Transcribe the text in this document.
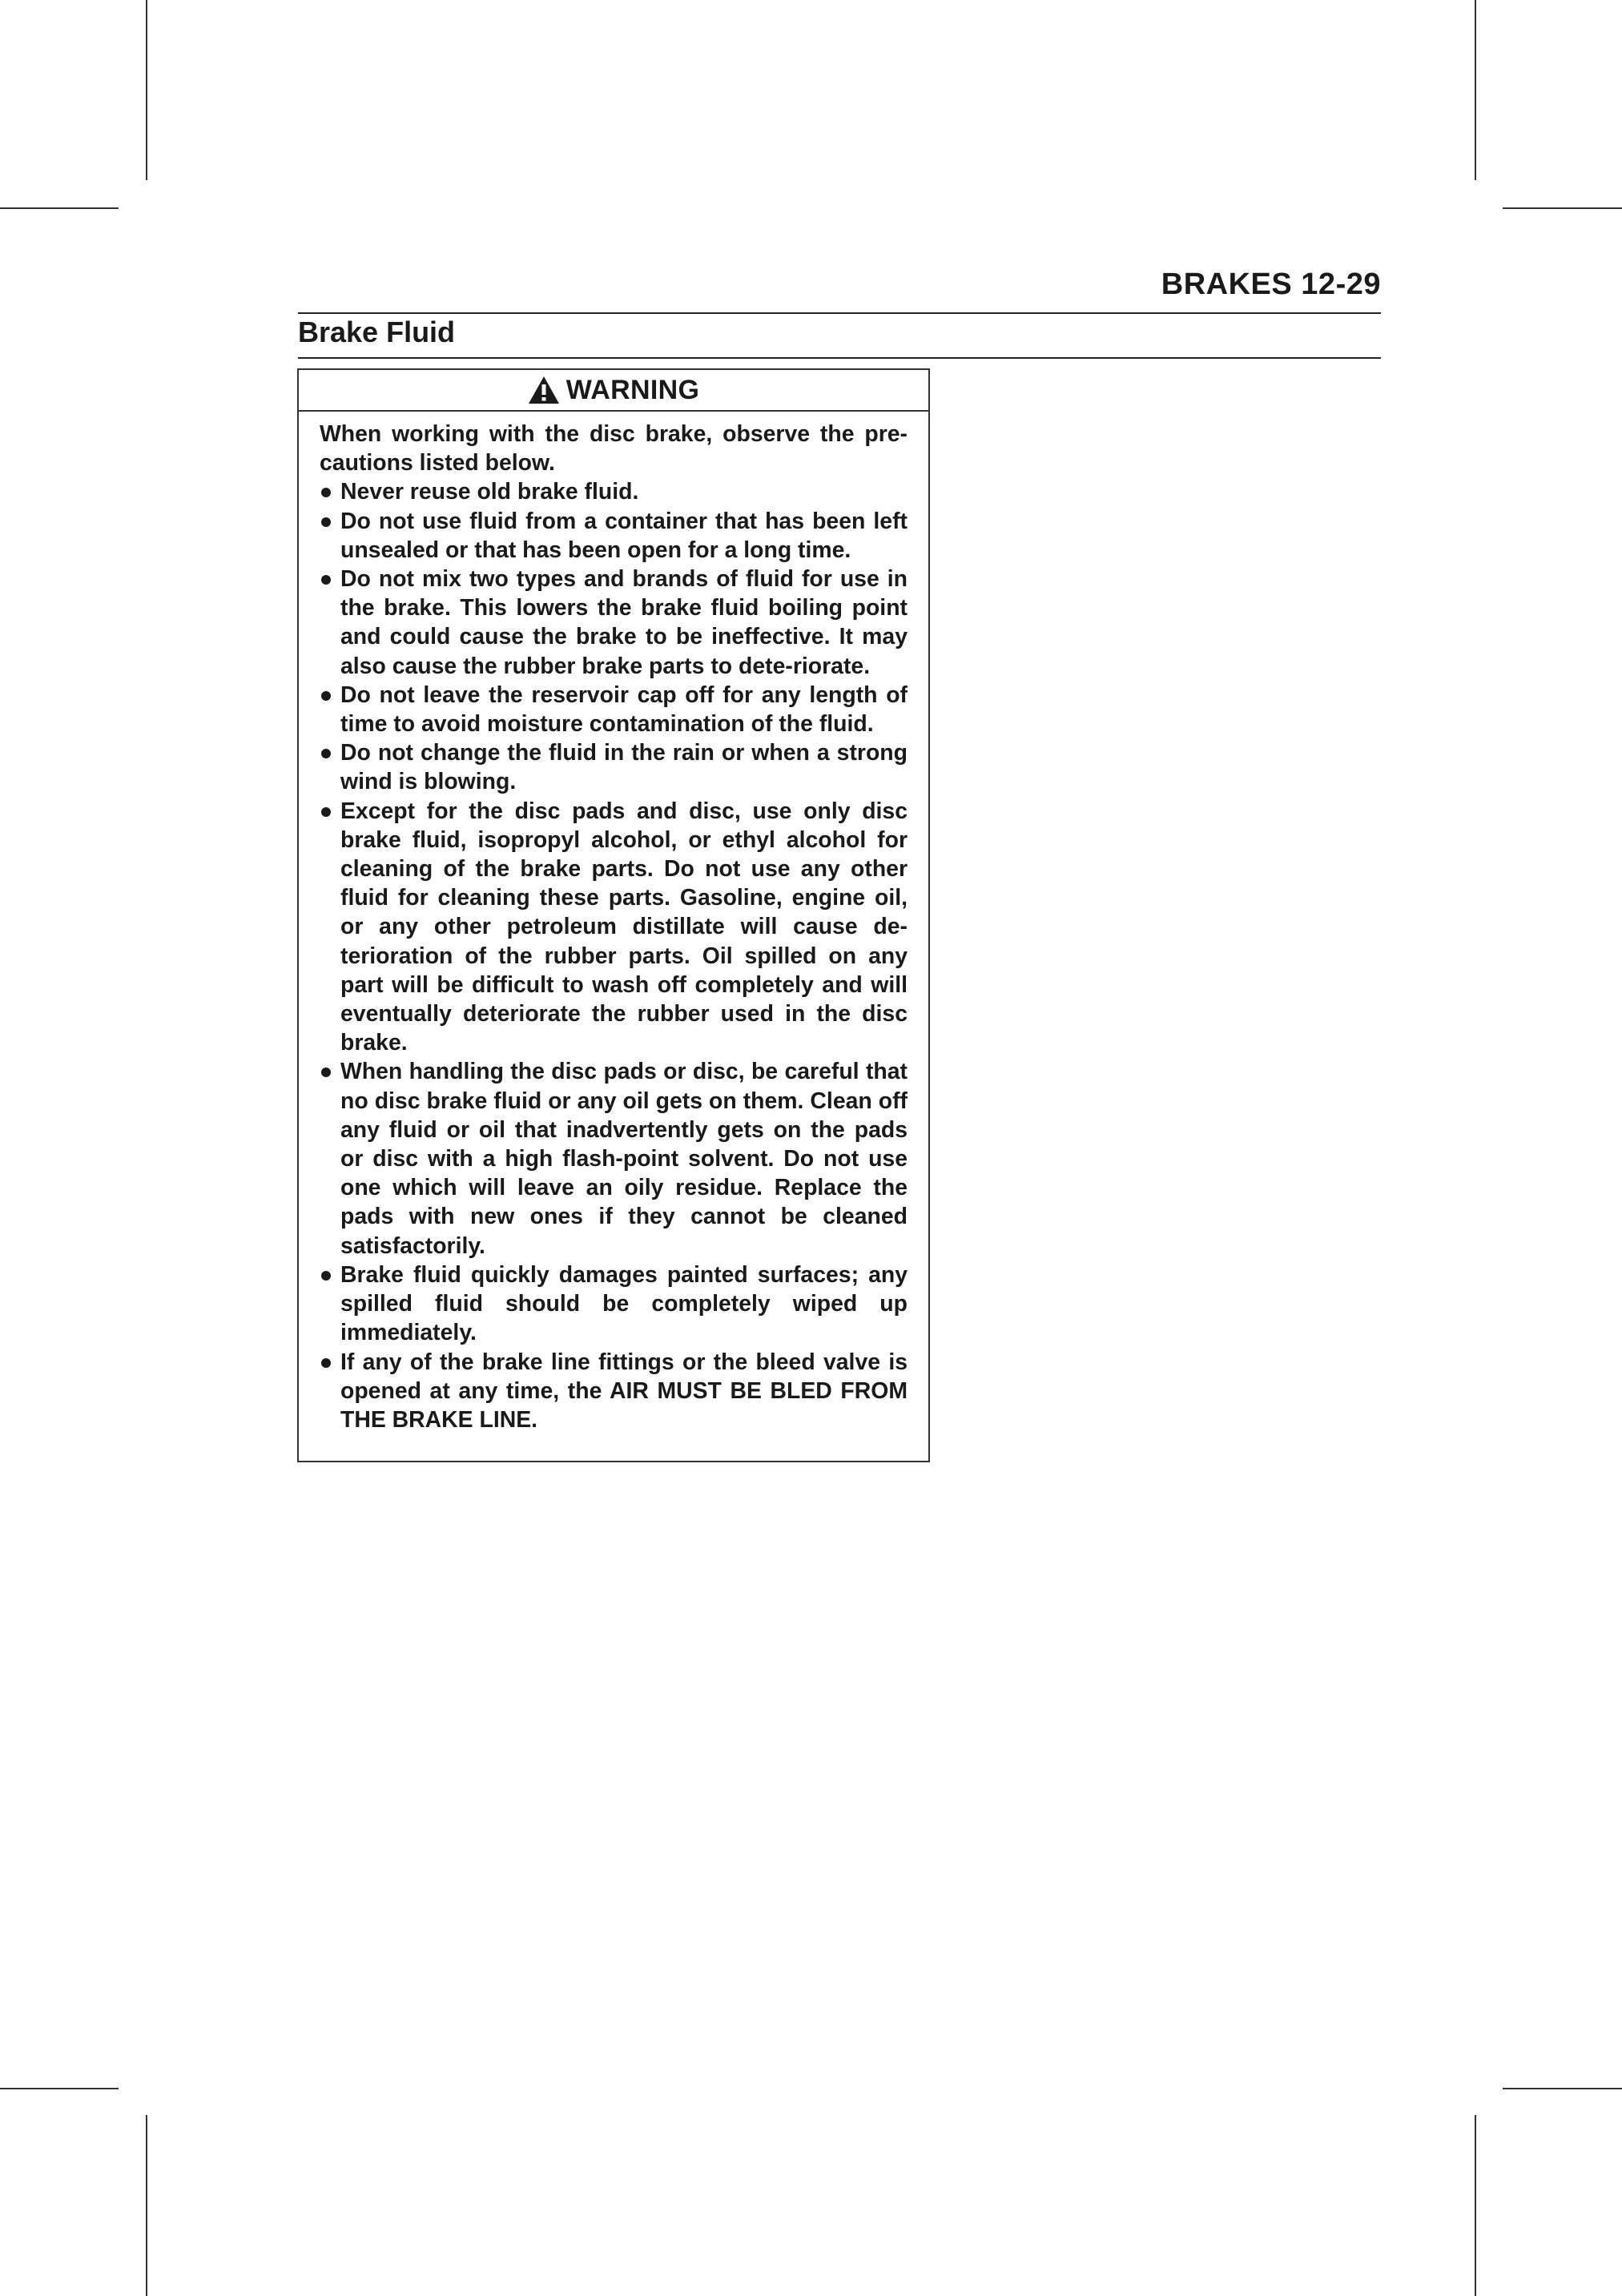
BRAKES 12-29
Brake Fluid
WARNING

When working with the disc brake, observe the pre-cautions listed below.

Never reuse old brake fluid.
Do not use fluid from a container that has been left unsealed or that has been open for a long time.
Do not mix two types and brands of fluid for use in the brake. This lowers the brake fluid boiling point and could cause the brake to be ineffective. It may also cause the rubber brake parts to dete-riorate.
Do not leave the reservoir cap off for any length of time to avoid moisture contamination of the fluid.
Do not change the fluid in the rain or when a strong wind is blowing.
Except for the disc pads and disc, use only disc brake fluid, isopropyl alcohol, or ethyl alcohol for cleaning of the brake parts. Do not use any other fluid for cleaning these parts. Gasoline, engine oil, or any other petroleum distillate will cause de-terioration of the rubber parts. Oil spilled on any part will be difficult to wash off completely and will eventually deteriorate the rubber used in the disc brake.
When handling the disc pads or disc, be careful that no disc brake fluid or any oil gets on them. Clean off any fluid or oil that inadvertently gets on the pads or disc with a high flash-point solvent. Do not use one which will leave an oily residue. Replace the pads with new ones if they cannot be cleaned satisfactorily.
Brake fluid quickly damages painted surfaces; any spilled fluid should be completely wiped up immediately.
If any of the brake line fittings or the bleed valve is opened at any time, the AIR MUST BE BLED FROM THE BRAKE LINE.
